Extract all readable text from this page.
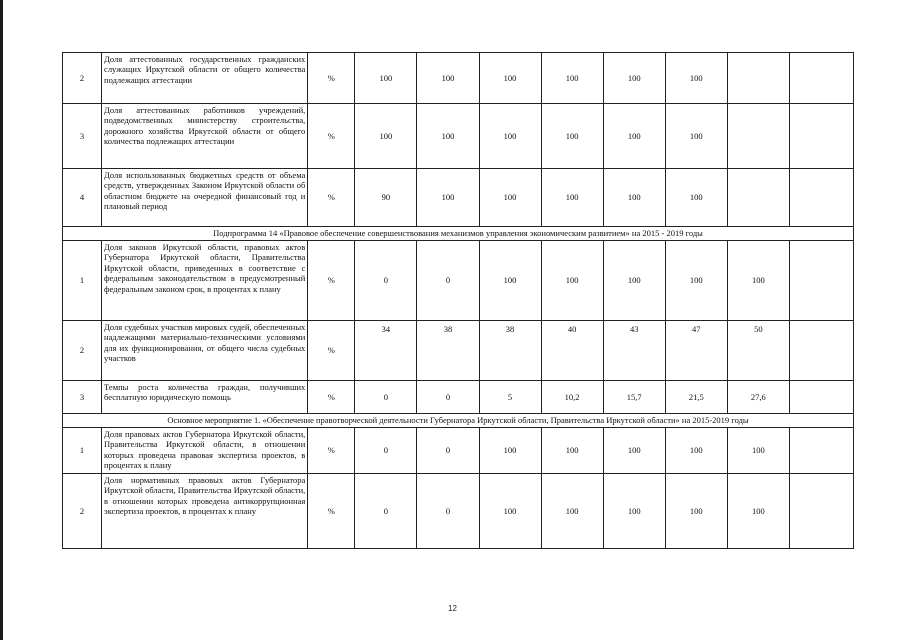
2	Доля аттестованных государственных гражданских служащих Иркутской области от общего количества подлежащих аттестации	%	100	100	100	100	100	100		
3	Доля аттестованных работников учреждений, подведомственных министерству строительства, дорожного хозяйства Иркутской области от общего количества подлежащих аттестации	%	100	100	100	100	100	100		
4	Доля использованных бюджетных средств от объема средств, утвержденных Законом Иркутской области об областном бюджете на очередной финансовый год и плановый период	%	90	100	100	100	100	100		
Подпрограмма 14 «Правовое обеспечение совершенствования механизмов управления экономическим развитием» на 2015 - 2019 годы										
1	Доля законов Иркутской области, правовых актов Губернатора Иркутской области, Правительства Иркутской области, приведенных в соответствие с федеральным законодательством в предусмотренный федеральным законом срок, в процентах к плану	%	0	0	100	100	100	100	100	
2	Доля судебных участков мировых судей, обеспеченных надлежащими материально-техническими условиями для их функционирования, от общего числа судебных участков	%	34	38	38	40	43	47	50	
3	Темпы роста количества граждан, получивших бесплатную юридическую помощь	%	0	0	5	10,2	15,7	21,5	27,6	
Основное мероприятие 1. «Обеспечение правотворческой деятельности Губернатора Иркутской области, Правительства Иркутской области» на 2015-2019 годы										
1	Доля правовых актов Губернатора Иркутской области, Правительства Иркутской области, в отношении которых проведена правовая экспертиза проектов, в процентах к плану	%	0	0	100	100	100	100	100	
2	Доля нормативных правовых актов Губернатора Иркутской области, Правительства Иркутской области, в отношении которых проведена антикоррупционная экспертиза проектов, в процентах к плану	%	0	0	100	100	100	100	100	
12
